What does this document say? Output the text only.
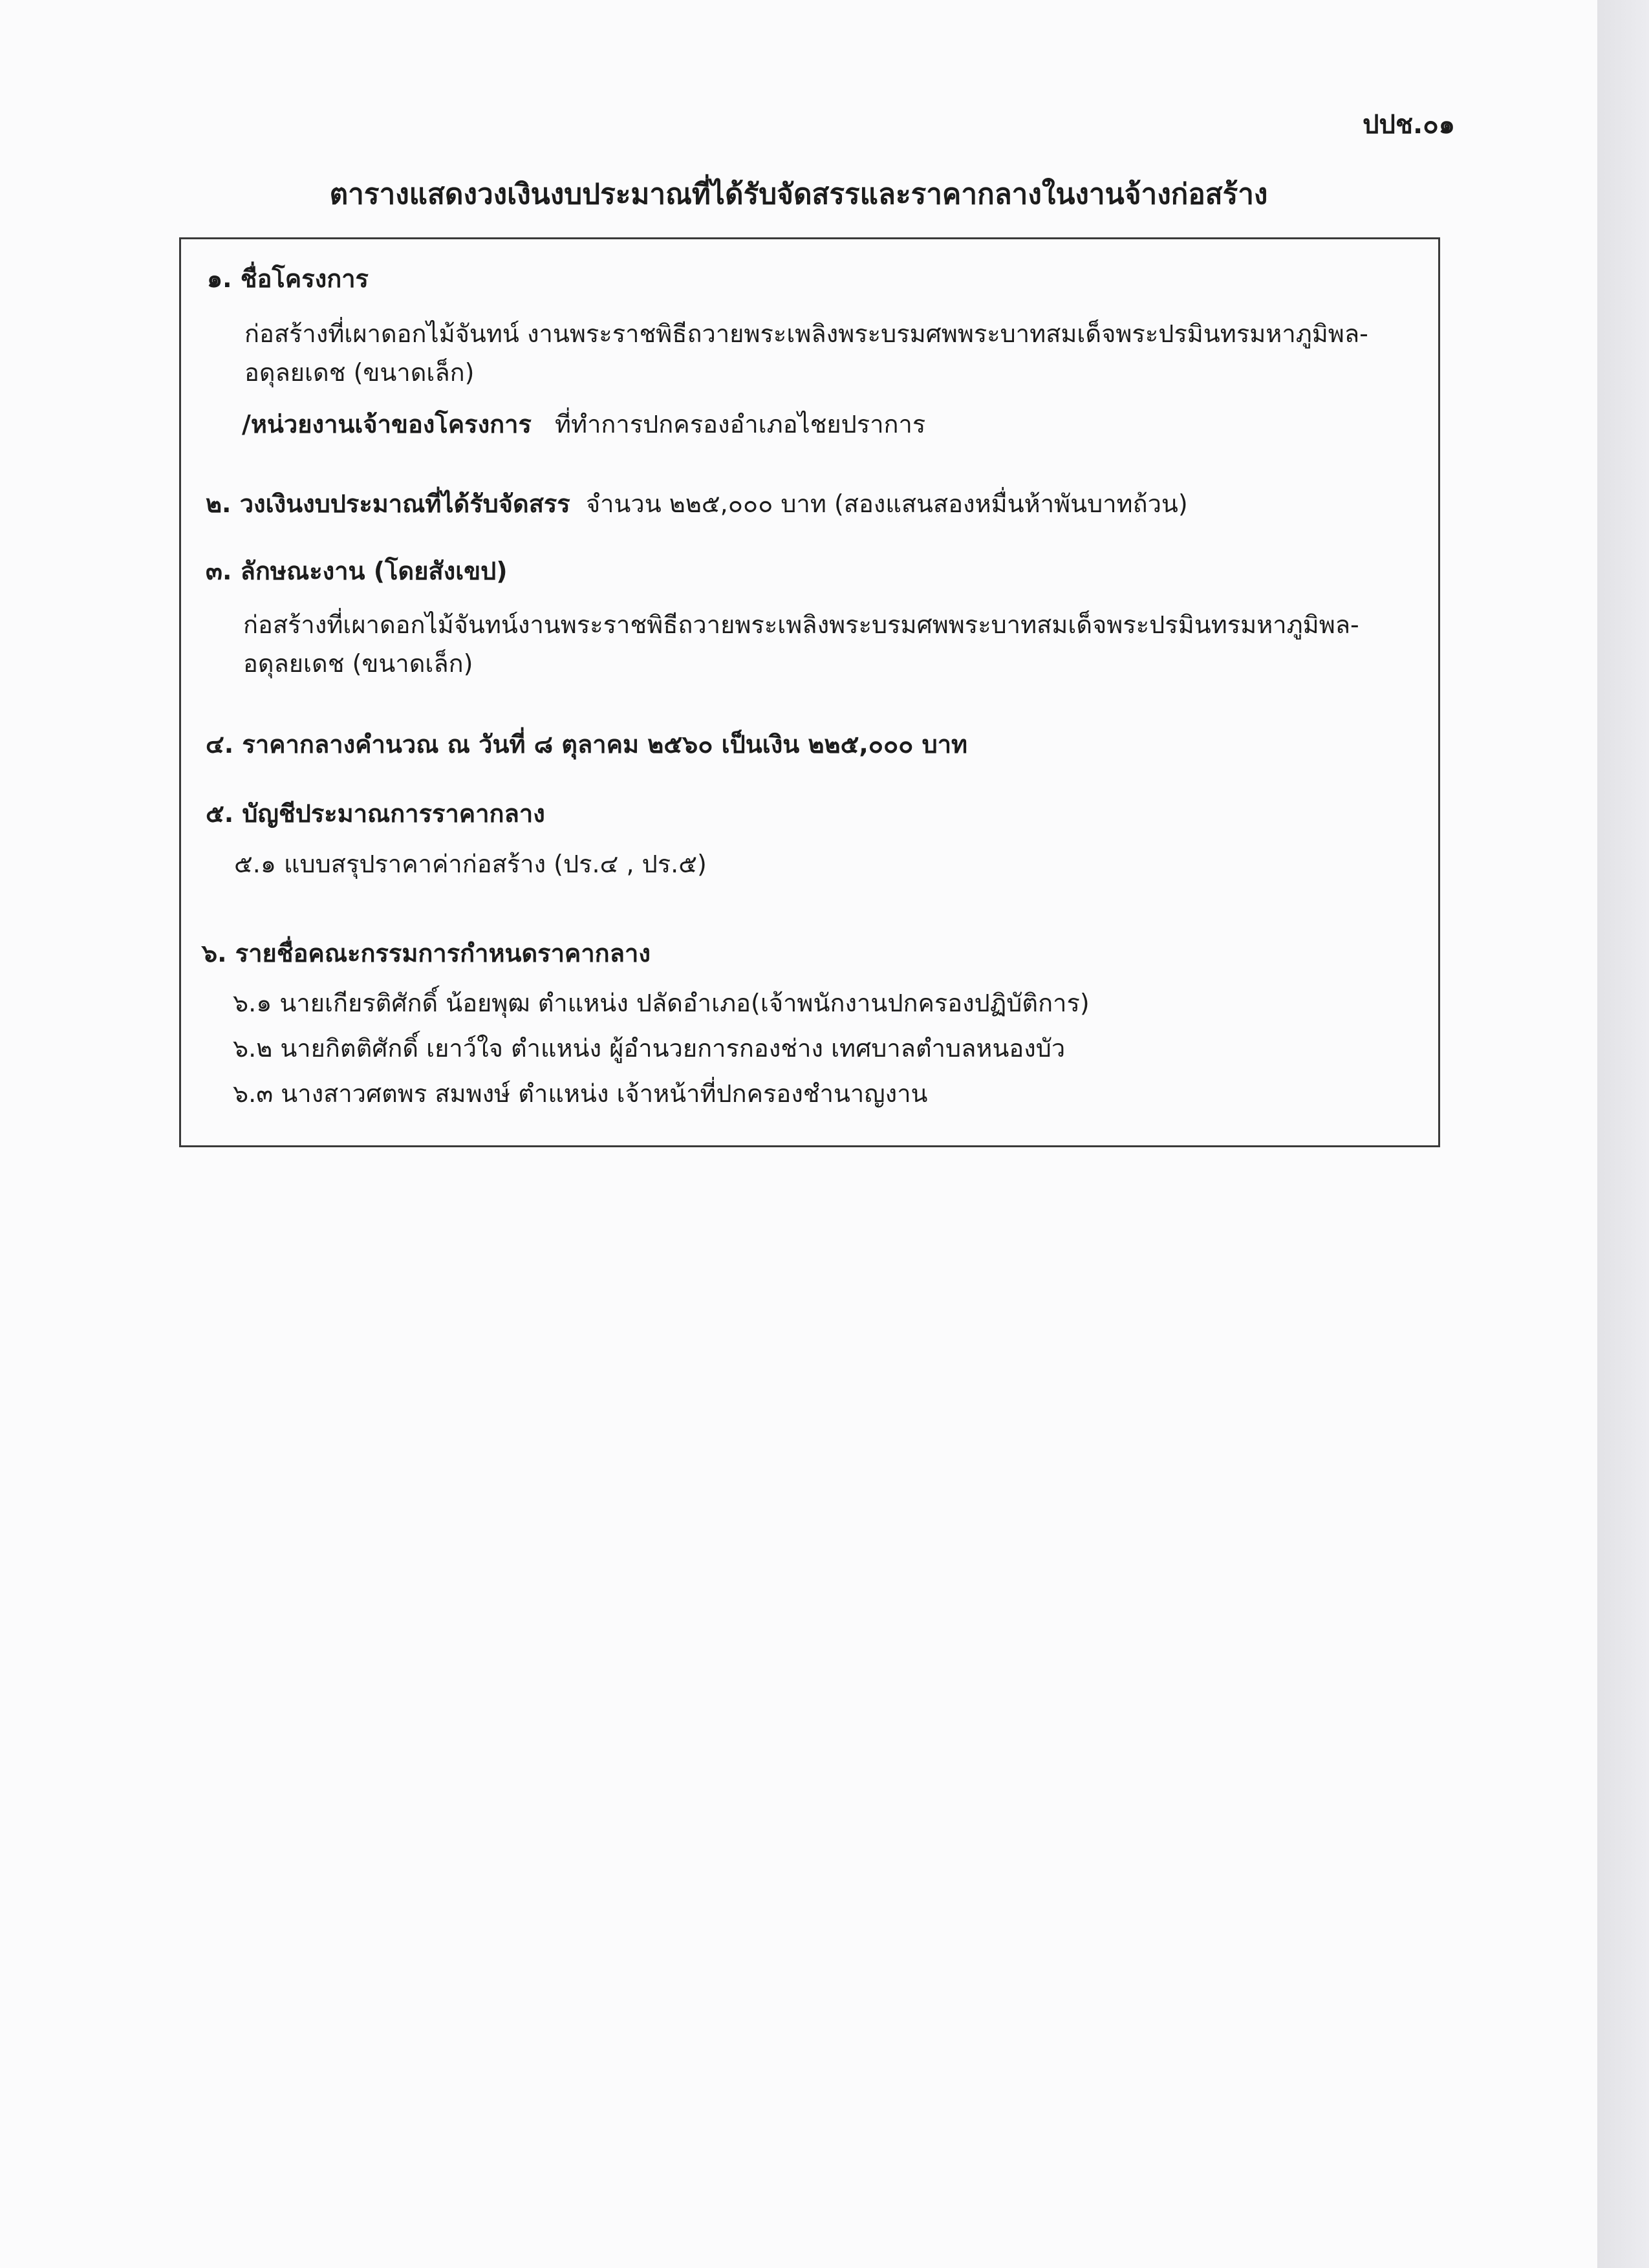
ปปช.๐๑
ตารางแสดงวงเงินงบประมาณที่ได้รับจัดสรรและราคากลางในงานจ้างก่อสร้าง
๑. ชื่อโครงการ
ก่อสร้างที่เผาดอกไม้จันทน์ งานพระราชพิธีถวายพระเพลิงพระบรมศพพระบาทสมเด็จพระปรมินทรมหาภูมิพล-
อดุลยเดช (ขนาดเล็ก)
/หน่วยงานเจ้าของโครงการ ที่ทำการปกครองอำเภอไชยปราการ
๒. วงเงินงบประมาณที่ได้รับจัดสรร จำนวน ๒๒๕,๐๐๐ บาท (สองแสนสองหมื่นห้าพันบาทถ้วน)
๓. ลักษณะงาน (โดยสังเขป)
ก่อสร้างที่เผาดอกไม้จันทน์งานพระราชพิธีถวายพระเพลิงพระบรมศพพระบาทสมเด็จพระปรมินทรมหาภูมิพล-
อดุลยเดช (ขนาดเล็ก)
๔. ราคากลางคำนวณ ณ วันที่ ๘ ตุลาคม ๒๕๖๐ เป็นเงิน ๒๒๕,๐๐๐ บาท
๕. บัญชีประมาณการราคากลาง
๕.๑ แบบสรุปราคาค่าก่อสร้าง (ปร.๔ , ปร.๕)
๖. รายชื่อคณะกรรมการกำหนดราคากลาง
๖.๑ นายเกียรติศักดิ์ น้อยพุฒ ตำแหน่ง ปลัดอำเภอ(เจ้าพนักงานปกครองปฏิบัติการ)
๖.๒ นายกิตติศักดิ์ เยาว์ใจ ตำแหน่ง ผู้อำนวยการกองช่าง เทศบาลตำบลหนองบัว
๖.๓ นางสาวศตพร สมพงษ์ ตำแหน่ง เจ้าหน้าที่ปกครองชำนาญงาน
